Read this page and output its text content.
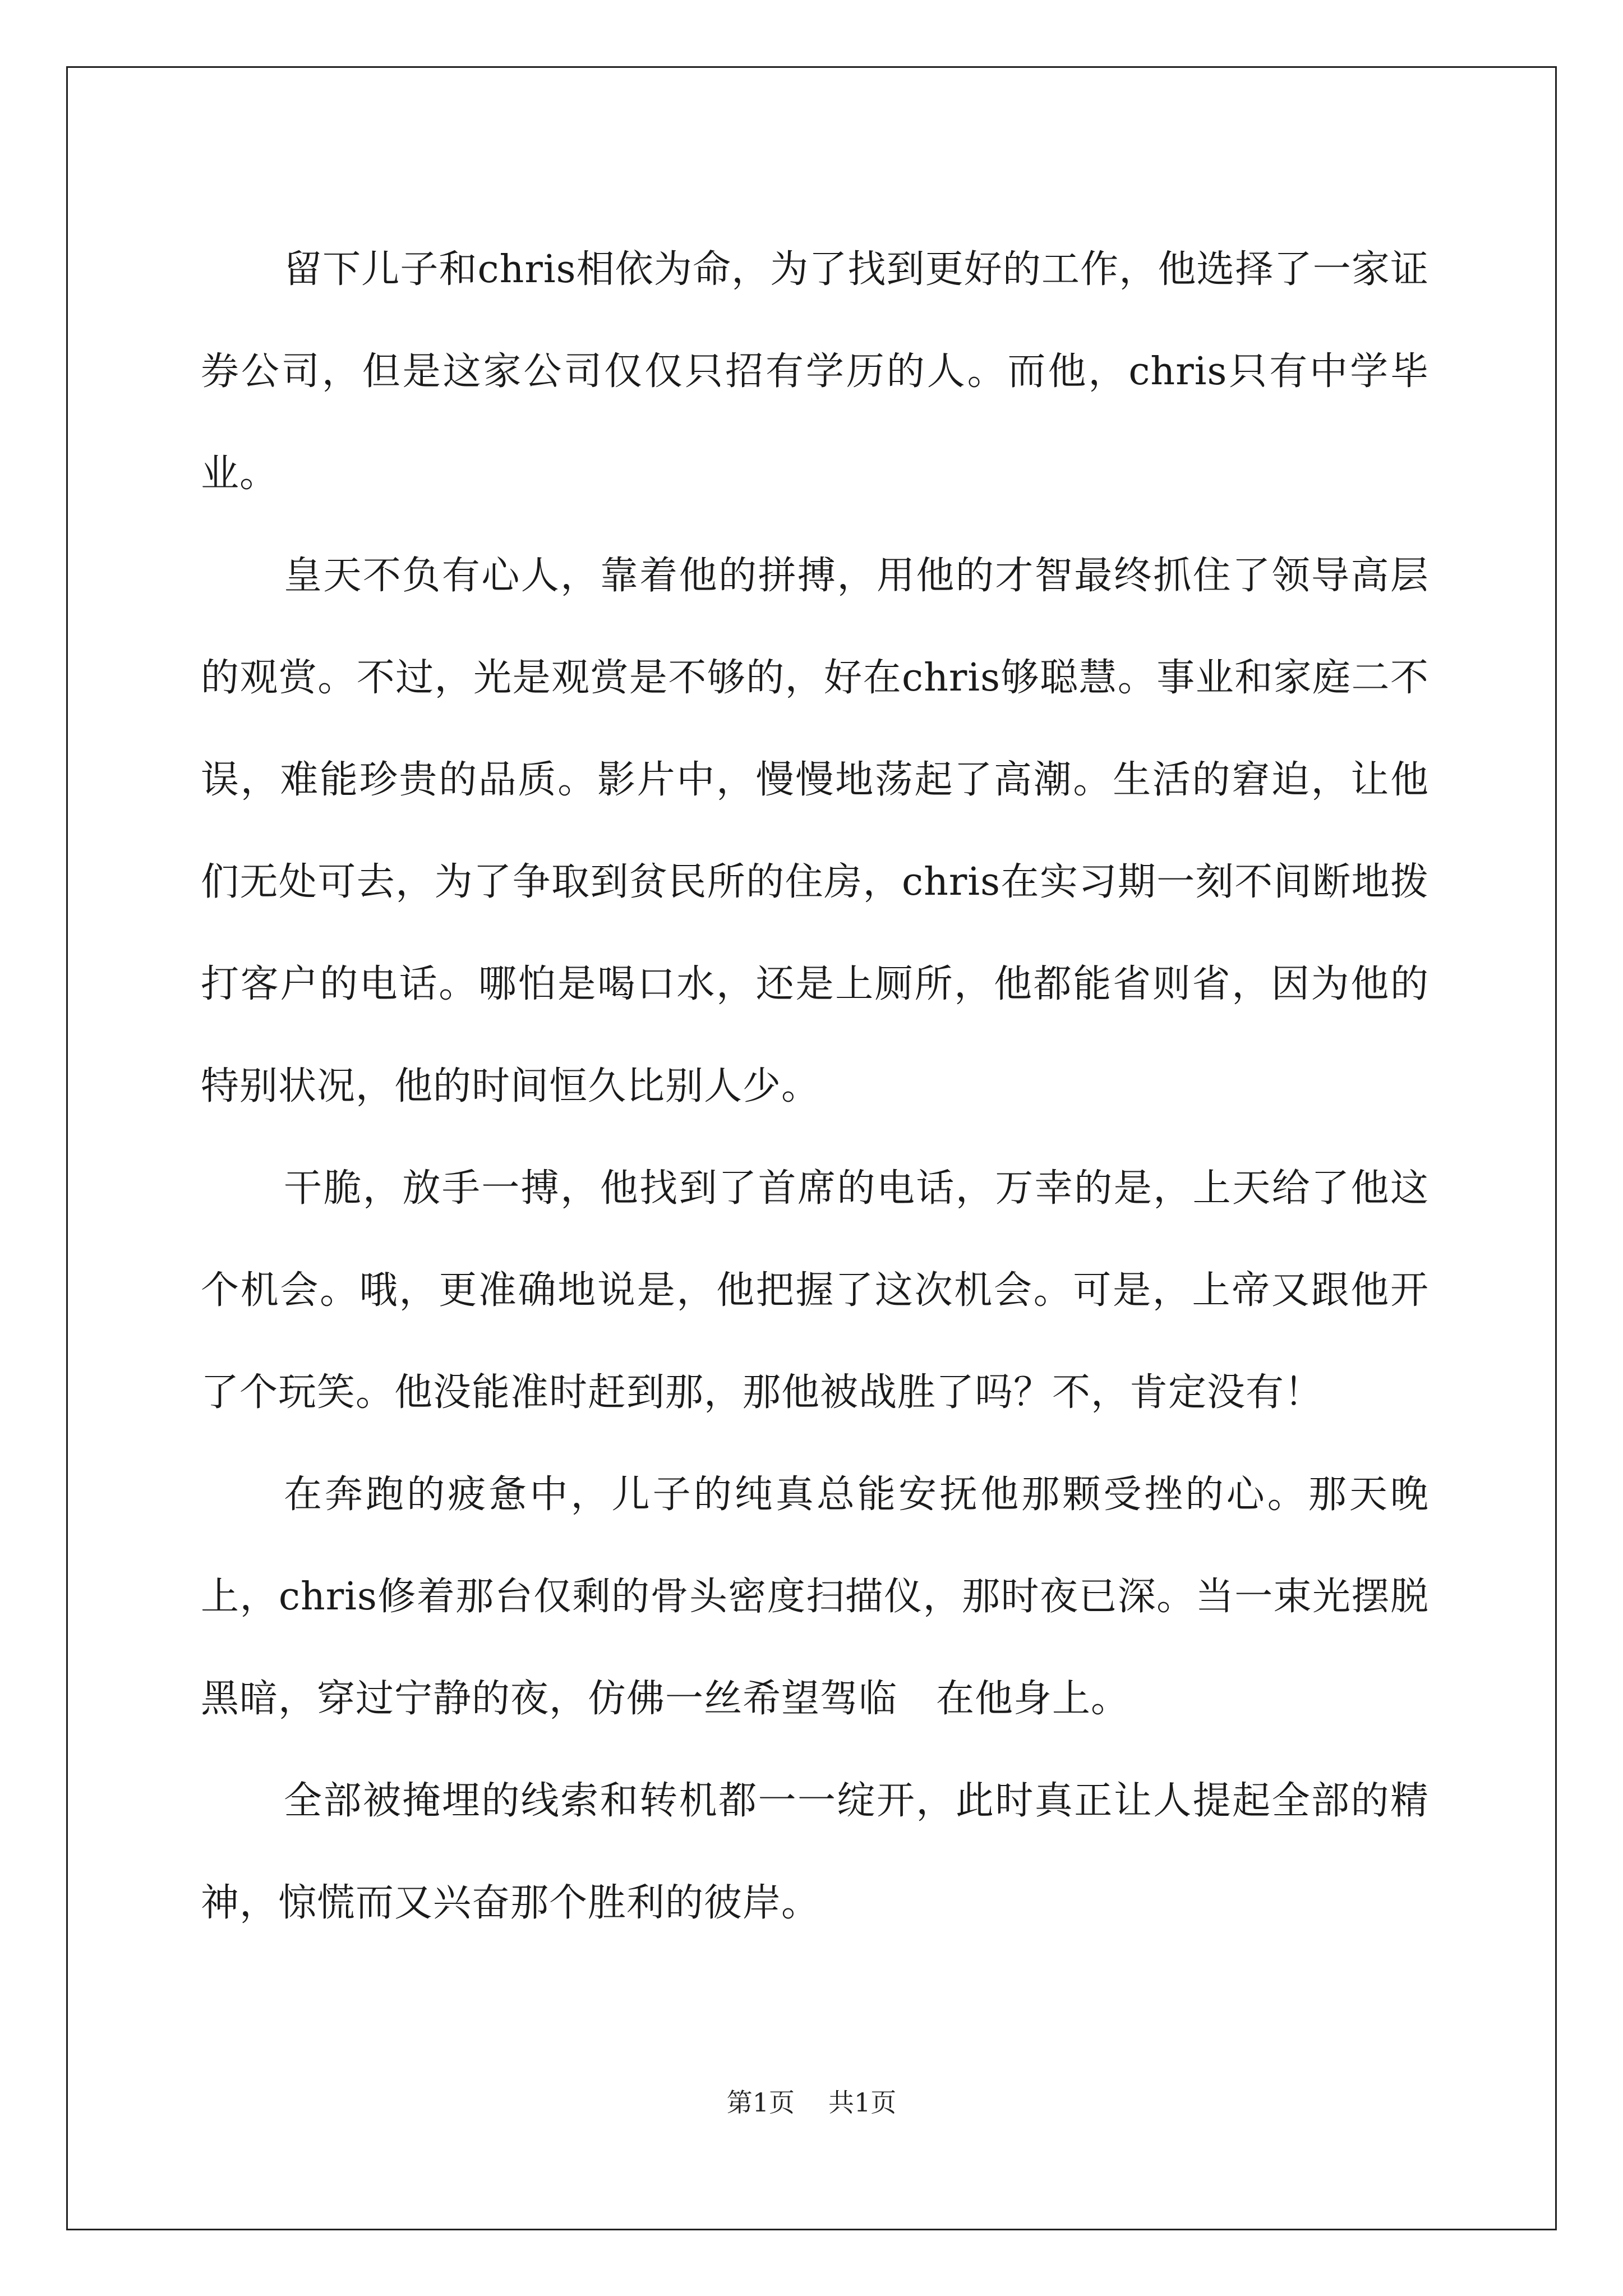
留下儿子和chris相依为命，为了找到更好的工作，他选择了一家证券公司，但是这家公司仅仅只招有学历的人。而他，chris只有中学毕业。

皇天不负有心人，靠着他的拼搏，用他的才智最终抓住了领导高层的观赏。不过，光是观赏是不够的，好在chris够聪慧。事业和家庭二不误，难能珍贵的品质。影片中，慢慢地荡起了高潮。生活的窘迫，让他们无处可去，为了争取到贫民所的住房，chris在实习期一刻不间断地拨打客户的电话。哪怕是喝口水，还是上厕所，他都能省则省，因为他的特别状况，他的时间恒久比别人少。

干脆，放手一搏，他找到了首席的电话，万幸的是，上天给了他这个机会。哦，更准确地说是，他把握了这次机会。可是，上帝又跟他开了个玩笑。他没能准时赶到那，那他被战胜了吗？不，肯定没有！

在奔跑的疲惫中，儿子的纯真总能安抚他那颗受挫的心。那天晚上，chris修着那台仅剩的骨头密度扫描仪，那时夜已深。当一束光摆脱黑暗，穿过宁静的夜，仿佛一丝希望驾临　在他身上。

全部被掩埋的线索和转机都一一绽开，此时真正让人提起全部的精神，惊慌而又兴奋那个胜利的彼岸。

第1页 共1页
